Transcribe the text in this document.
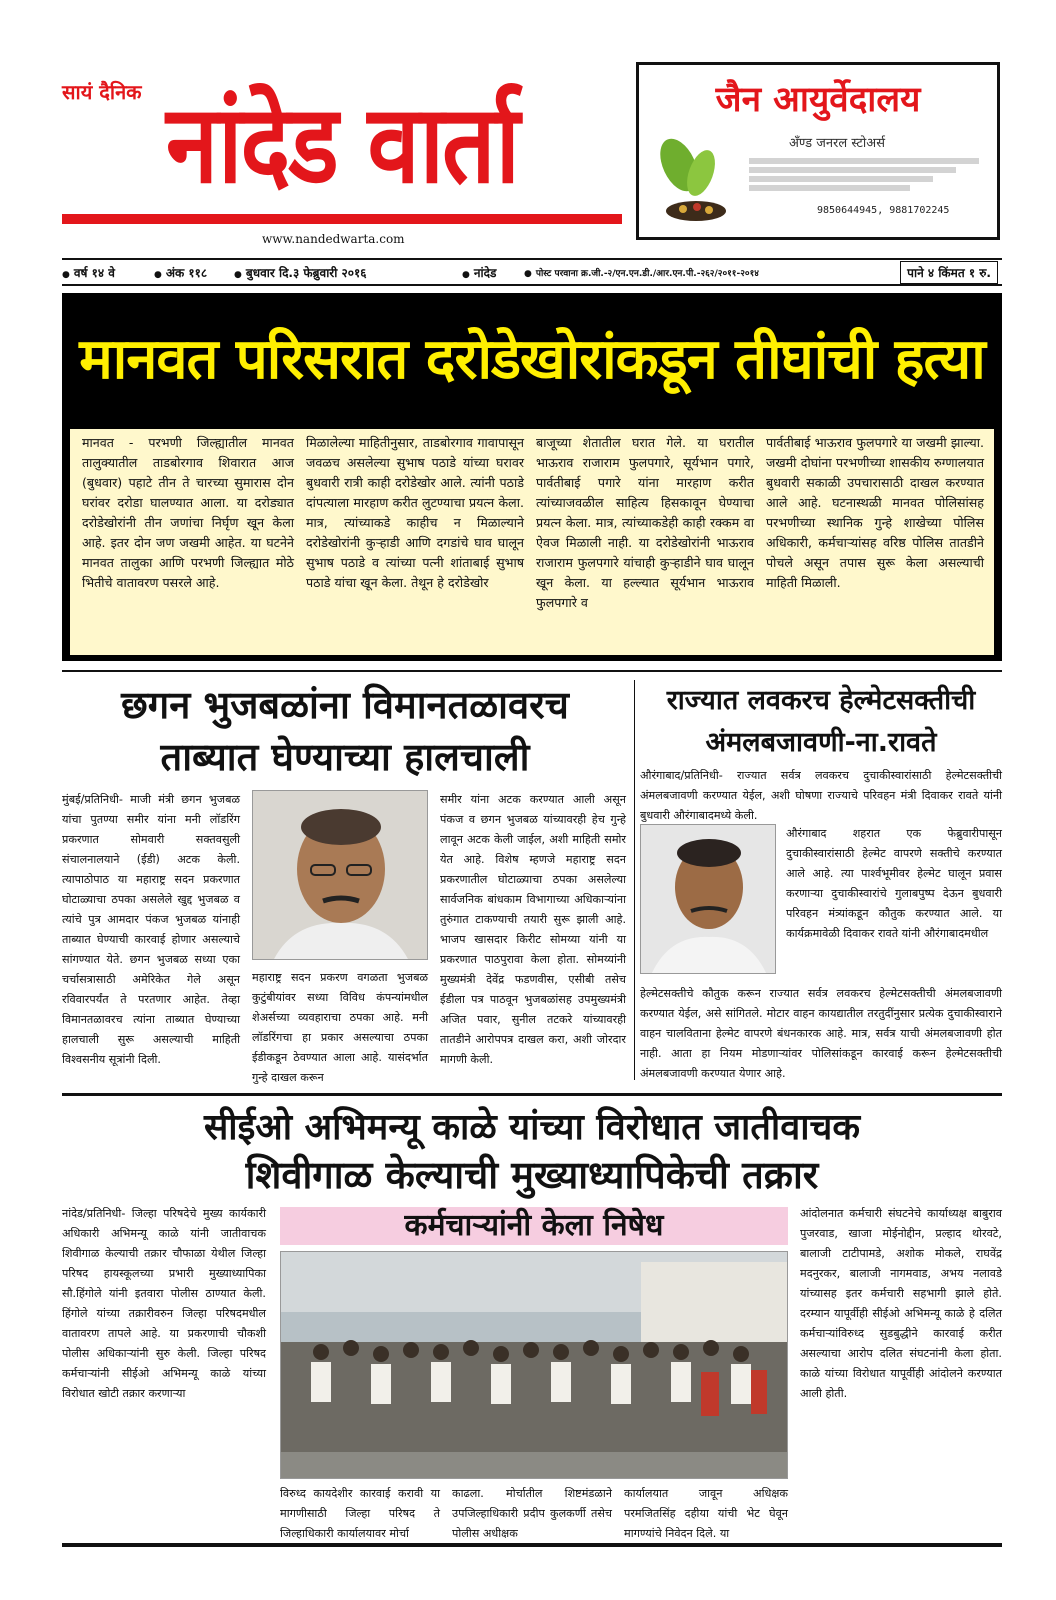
सायं दैनिक नांदेड वार्ता
www.nandedwarta.com
जैन आयुर्वेदालय
अँण्ड जनरल स्टोअर्स
9850644945, 9881702245
● वर्ष १४ वे	● अंक ११८	● बुधवार दि.३ फेब्रुवारी २०१६	● नांदेड	● पोस्ट परवाना क्र.जी.-२/एन.एन.डी./आर.एन.पी.-२६२/२०११-२०१४	पाने ४ किंमत १ रु.
मानवत परिसरात दरोडेखोरांकडून तीघांची हत्या
मानवत - परभणी जिल्ह्यातील मानवत तालुक्यातील ताडबोरगाव शिवारात आज (बुधवार) पहाटे तीन ते चारच्या सुमारास दोन घरांवर दरोडा घालण्यात आला. या दरोड्यात दरोडेखोरांनी तीन जणांचा निर्घृण खून केला आहे. इतर दोन जण जखमी आहेत. या घटनेने मानवत तालुका आणि परभणी जिल्ह्यात मोठे भितीचे वातावरण पसरले आहे.
मिळालेल्या माहितीनुसार, ताडबोरगाव गावापासून जवळच असलेल्या सुभाष पठाडे यांच्या घरावर बुधवारी रात्री काही दरोडेखोर आले. त्यांनी पठाडे दांपत्याला मारहाण करीत लुटण्याचा प्रयत्न केला. मात्र, त्यांच्याकडे काहीच न मिळाल्याने दरोडेखोरांनी कुऱ्हाडी आणि दगडांचे घाव घालून सुभाष पठाडे व त्यांच्या पत्नी शांताबाई सुभाष पठाडे यांचा खून केला. तेथून हे दरोडेखोर
बाजूच्या शेतातील घरात गेले. या घरातील भाऊराव राजाराम फुलपगारे, सूर्यभान पगारे, पार्वतीबाई पगारे यांना मारहाण करीत त्यांच्याजवळील साहित्य हिसकावून घेण्याचा प्रयत्न केला. मात्र, त्यांच्याकडेही काही रक्कम वा ऐवज मिळाली नाही. या दरोडेखोरांनी भाऊराव राजाराम फुलपगारे यांचाही कुऱ्हाडीने घाव घालून खून केला. या हल्ल्यात सूर्यभान भाऊराव फुलपगारे व
पार्वतीबाई भाऊराव फुलपगारे या जखमी झाल्या. जखमी दोघांना परभणीच्या शासकीय रुग्णालयात बुधवारी सकाळी उपचारासाठी दाखल करण्यात आले आहे. घटनास्थळी मानवत पोलिसांसह परभणीच्या स्थानिक गुन्हे शाखेच्या पोलिस अधिकारी, कर्मचाऱ्यांसह वरिष्ठ पोलिस तातडीने पोचले असून तपास सुरू केला असल्याची माहिती मिळाली.
छगन भुजबळांना विमानतळावरच
ताब्यात घेण्याच्या हालचाली
मुंबई/प्रतिनिधी- माजी मंत्री छगन भुजबळ यांचा पुतण्या समीर यांना मनी लॉडरिंग प्रकरणात सोमवारी सक्तवसुली संचालनालयाने (ईडी) अटक केली. त्यापाठोपाठ या महाराष्ट्र सदन प्रकरणात घोटाळ्याचा ठपका असलेले खुद्द भुजबळ व त्यांचे पुत्र आमदार पंकज भुजबळ यांनाही ताब्यात घेण्याची कारवाई होणार असल्याचे सांगण्यात येते. छगन भुजबळ सध्या एका चर्चासत्रासाठी अमेरिकेत गेले असून रविवारपर्यंत ते परतणार आहेत. तेव्हा विमानतळावरच त्यांना ताब्यात घेण्याच्या हालचाली सुरू असल्याची माहिती विश्वसनीय सूत्रांनी दिली.
महाराष्ट्र सदन प्रकरण वगळता भुजबळ कुटुंबीयांवर सध्या विविध कंपन्यांमधील शेअर्सच्या व्यवहाराचा ठपका आहे. मनी लॉडरिंगचा हा प्रकार असल्याचा ठपका ईडीकडून ठेवण्यात आला आहे. यासंदर्भात गुन्हे दाखल करून
समीर यांना अटक करण्यात आली असून पंकज व छगन भुजबळ यांच्यावरही हेच गुन्हे लावून अटक केली जाईल, अशी माहिती समोर येत आहे. विशेष म्हणजे महाराष्ट्र सदन प्रकरणातील घोटाळ्याचा ठपका असलेल्या सार्वजनिक बांधकाम विभागाच्या अधिकाऱ्यांना तुरुंगात टाकण्याची तयारी सुरू झाली आहे. भाजप खासदार किरीट सोमय्या यांनी या प्रकरणात पाठपुरावा केला होता. सोमय्यांनी मुख्यमंत्री देवेंद्र फडणवीस, एसीबी तसेच ईडीला पत्र पाठवून भुजबळांसह उपमुख्यमंत्री अजित पवार, सुनील तटकरे यांच्यावरही तातडीने आरोपपत्र दाखल करा, अशी जोरदार मागणी केली.
राज्यात लवकरच हेल्मेटसक्तीची
अंमलबजावणी-ना.रावते
औरंगाबाद/प्रतिनिधी- राज्यात सर्वत्र लवकरच दुचाकीस्वारांसाठी हेल्मेटसक्तीची अंमलबजावणी करण्यात येईल, अशी घोषणा राज्याचे परिवहन मंत्री दिवाकर रावते यांनी बुधवारी औरंगाबादमध्ये केली.
औरंगाबाद शहरात एक फेब्रुवारीपासून दुचाकीस्वारांसाठी हेल्मेट वापरणे सक्तीचे करण्यात आले आहे. त्या पार्श्वभूमीवर हेल्मेट घालून प्रवास करणाऱ्या दुचाकीस्वारांचे गुलाबपुष्प देऊन बुधवारी परिवहन मंत्र्यांकडून कौतुक करण्यात आले. या कार्यक्रमावेळी दिवाकर रावते यांनी औरंगाबादमधील
हेल्मेटसक्तीचे कौतुक करून राज्यात सर्वत्र लवकरच हेल्मेटसक्तीची अंमलबजावणी करण्यात येईल, असे सांगितले. मोटार वाहन कायद्यातील तरतुदींनुसार प्रत्येक दुचाकीस्वाराने वाहन चालविताना हेल्मेट वापरणे बंधनकारक आहे. मात्र, सर्वत्र याची अंमलबजावणी होत नाही. आता हा नियम मोडणाऱ्यांवर पोलिसांकडून कारवाई करून हेल्मेटसक्तीची अंमलबजावणी करण्यात येणार आहे.
सीईओ अभिमन्यू काळे यांच्या विरोधात जातीवाचक
शिवीगाळ केल्याची मुख्याध्यापिकेची तक्रार
नांदेड/प्रतिनिधी- जिल्हा परिषदेचे मुख्य कार्यकारी अधिकारी अभिमन्यू काळे यांनी जातीवाचक शिवीगाळ केल्याची तक्रार चौफाळा येथील जिल्हा परिषद हायस्कूलच्या प्रभारी मुख्याध्यापिका सौ.हिंगोले यांनी इतवारा पोलीस ठाण्यात केली. हिंगोले यांच्या तक्रारीवरुन जिल्हा परिषदमधील वातावरण तापले आहे. या प्रकरणाची चौकशी पोलीस अधिकाऱ्यांनी सुरु केली. जिल्हा परिषद कर्मचाऱ्यांनी सीईओ अभिमन्यू काळे यांच्या विरोधात खोटी तक्रार करणाऱ्या
कर्मचाऱ्यांनी केला निषेध
विरुध्द कायदेशीर कारवाई करावी या मागणीसाठी जिल्हा परिषद ते जिल्हाधिकारी कार्यालयावर मोर्चा
काढला. मोर्चातील शिष्टमंडळाने उपजिल्हाधिकारी प्रदीप कुलकर्णी तसेच पोलीस अधीक्षक
कार्यालयात जावून अधिक्षक परमजितसिंह दहीया यांची भेट घेवून मागण्यांचे निवेदन दिले. या
आंदोलनात कर्मचारी संघटनेचे कार्याध्यक्ष बाबुराव पुजरवाड, खाजा मोईनोद्दीन, प्रल्हाद थोरवटे, बालाजी टाटीपामडे, अशोक मोकले, राघवेंद्र मदनुरकर, बालाजी नागमवाड, अभय नलावडे यांच्यासह इतर कर्मचारी सहभागी झाले होते. दरम्यान यापूर्वीही सीईओ अभिमन्यू काळे हे दलित कर्मचाऱ्यांविरुध्द सुडबुद्धीने कारवाई करीत असल्याचा आरोप दलित संघटनांनी केला होता. काळे यांच्या विरोधात यापूर्वीही आंदोलने करण्यात आली होती.
